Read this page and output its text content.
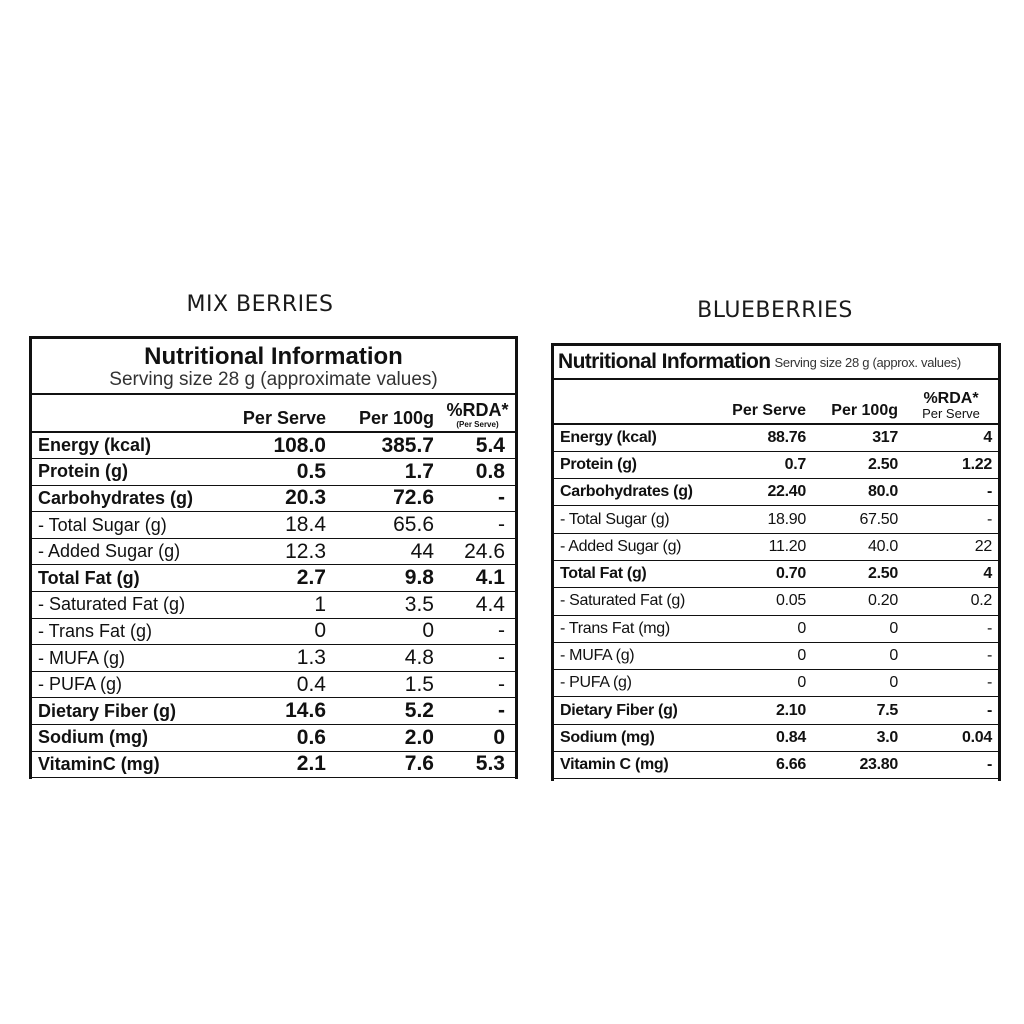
MIX BERRIES	BLUEBERRIES
Nutritional Information
Serving size 28 g (approximate values)
	Per Serve	Per 100g	%RDA*
(Per Serve)

Energy (kcal)	108.0	385.7	5.4
Protein (g)	0.5	1.7	0.8
Carbohydrates (g)	20.3	72.6	-
- Total Sugar (g)	18.4	65.6	-
- Added Sugar (g)	12.3	44	24.6
Total Fat (g)	2.7	9.8	4.1
- Saturated Fat (g)	1	3.5	4.4
- Trans Fat (g)	0	0	-
- MUFA (g)	1.3	4.8	-
- PUFA (g)	0.4	1.5	-
Dietary Fiber (g)	14.6	5.2	-
Sodium (mg)	0.6	2.0	0
VitaminC (mg)	2.1	7.6	5.3
Nutritional Information Serving size 28 g (approx. values)
	Per Serve	Per 100g	%RDA*
Per Serve

Energy (kcal)	88.76	317	4
Protein (g)	0.7	2.50	1.22
Carbohydrates (g)	22.40	80.0	-
- Total Sugar (g)	18.90	67.50	-
- Added Sugar (g)	11.20	40.0	22
Total Fat (g)	0.70	2.50	4
- Saturated Fat (g)	0.05	0.20	0.2
- Trans Fat (mg)	0	0	-
- MUFA (g)	0	0	-
- PUFA (g)	0	0	-
Dietary Fiber (g)	2.10	7.5	-
Sodium (mg)	0.84	3.0	0.04
Vitamin C (mg)	6.66	23.80	-
